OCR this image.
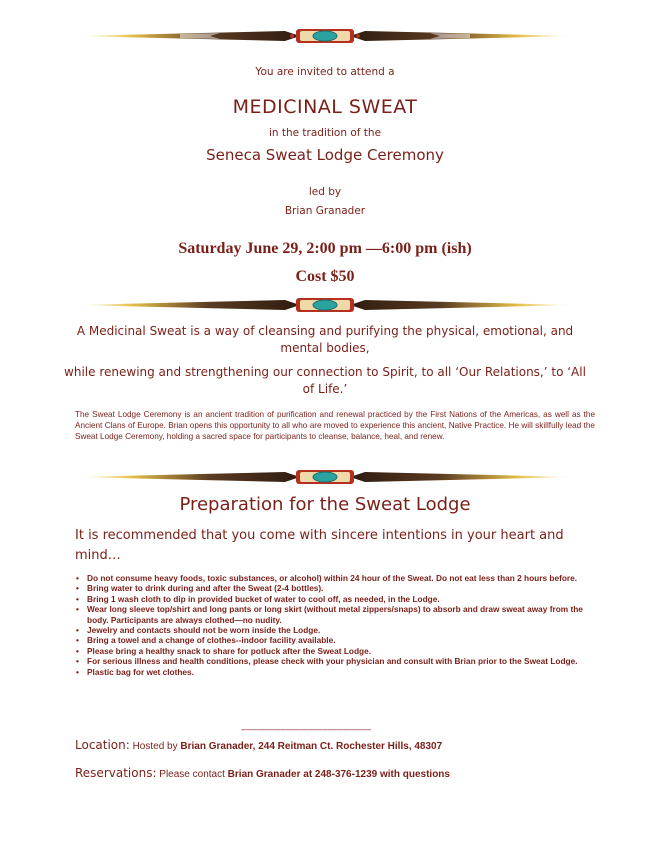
You are invited to attend a
MEDICINAL SWEAT
in the tradition of the
Seneca Sweat Lodge Ceremony
led by
Brian Granader
Saturday June 29, 2:00 pm —6:00 pm (ish)
Cost $50
A Medicinal Sweat is a way of cleansing and purifying the physical, emotional, and mental bodies,
while renewing and strengthening our connection to Spirit, to all ‘Our Relations,’ to ‘All of Life.’
The Sweat Lodge Ceremony is an ancient tradition of purification and renewal practiced by the First Nations of the Americas, as well as the Ancient Clans of Europe. Brian opens this opportunity to all who are moved to experience this ancient, Native Practice. He will skillfully lead the Sweat Lodge Ceremony, holding a sacred space for participants to cleanse, balance, heal, and renew.
Preparation for the Sweat Lodge
It is recommended that you come with sincere intentions in your heart and mind…
• Do not consume heavy foods, toxic substances, or alcohol) within 24 hour of the Sweat. Do not eat less than 2 hours before.
• Bring water to drink during and after the Sweat (2-4 bottles).
• Bring 1 wash cloth to dip in provided bucket of water to cool off, as needed, in the Lodge.
• Wear long sleeve top/shirt and long pants or long skirt (without metal zippers/snaps) to absorb and draw sweat away from the body. Participants are always clothed—no nudity.
• Jewelry and contacts should not be worn inside the Lodge.
• Bring a towel and a change of clothes--indoor facility available.
• Please bring a healthy snack to share for potluck after the Sweat Lodge.
• For serious illness and health conditions, please check with your physician and consult with Brian prior to the Sweat Lodge.
• Plastic bag for wet clothes.
------------------------------------------------------------
Location: Hosted by Brian Granader, 244 Reitman Ct. Rochester Hills, 48307
Reservations: Please contact Brian Granader at 248-376-1239 with questions
